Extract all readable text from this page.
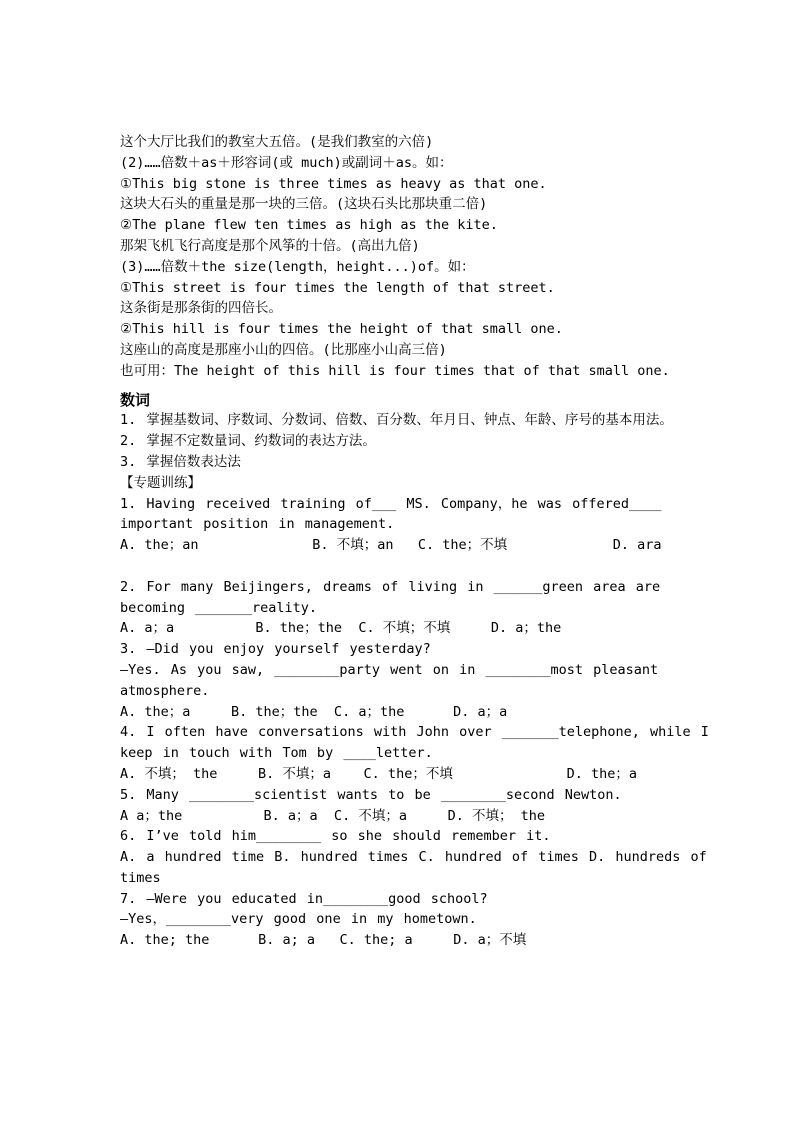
这个大厅比我们的教室大五倍。(是我们教室的六倍)
(2)……倍数＋as＋形容词(或 much)或副词＋as。如：
①This big stone is three times as heavy as that one.
这块大石头的重量是那一块的三倍。(这块石头比那块重二倍)
②The plane flew ten times as high as the kite.
那架飞机飞行高度是那个风筝的十倍。(高出九倍)
(3)……倍数＋the size(length，height...)of。如：
①This street is four times the length of that street.
这条街是那条街的四倍长。
②This hill is four times the height of that small one.
这座山的高度是那座小山的四倍。(比那座小山高三倍)
也可用：The height of this hill is four times that of that small one.
数词
1. 掌握基数词、序数词、分数词、倍数、百分数、年月日、钟点、年龄、序号的基本用法。
2. 掌握不定数量词、约数词的表达方法。
3. 掌握倍数表达法
【专题训练】
1. Having received training of___ MS. Company，he was offered____ important position in management.
A. the；an              B. 不填；an   C. the；不填             D. ara
2. For many Beijingers, dreams of living in ______green area are becoming _______reality.
A. a；a          B. the；the  C. 不填；不填     D. a；the
3. —Did you enjoy yourself yesterday?
—Yes. As you saw, ________party went on in ________most pleasant atmosphere.
A. the；a     B. the；the  C. a；the      D. a；a
4. I often have conversations with John over _______telephone, while I keep in touch with Tom by ____letter.
A. 不填； the     B. 不填；a    C. the；不填              D. the；a
5. Many ________scientist wants to be ________second Newton.
A a；the          B. a；a  C. 不填；a     D. 不填； the
6. I’ve told him________ so she should remember it.
A. a hundred time B. hundred times C. hundred of times D. hundreds of times
7. —Were you educated in________good school?
—Yes，________very good one in my hometown.
A. the; the      B. a; a   C. the; a     D. a；不填
